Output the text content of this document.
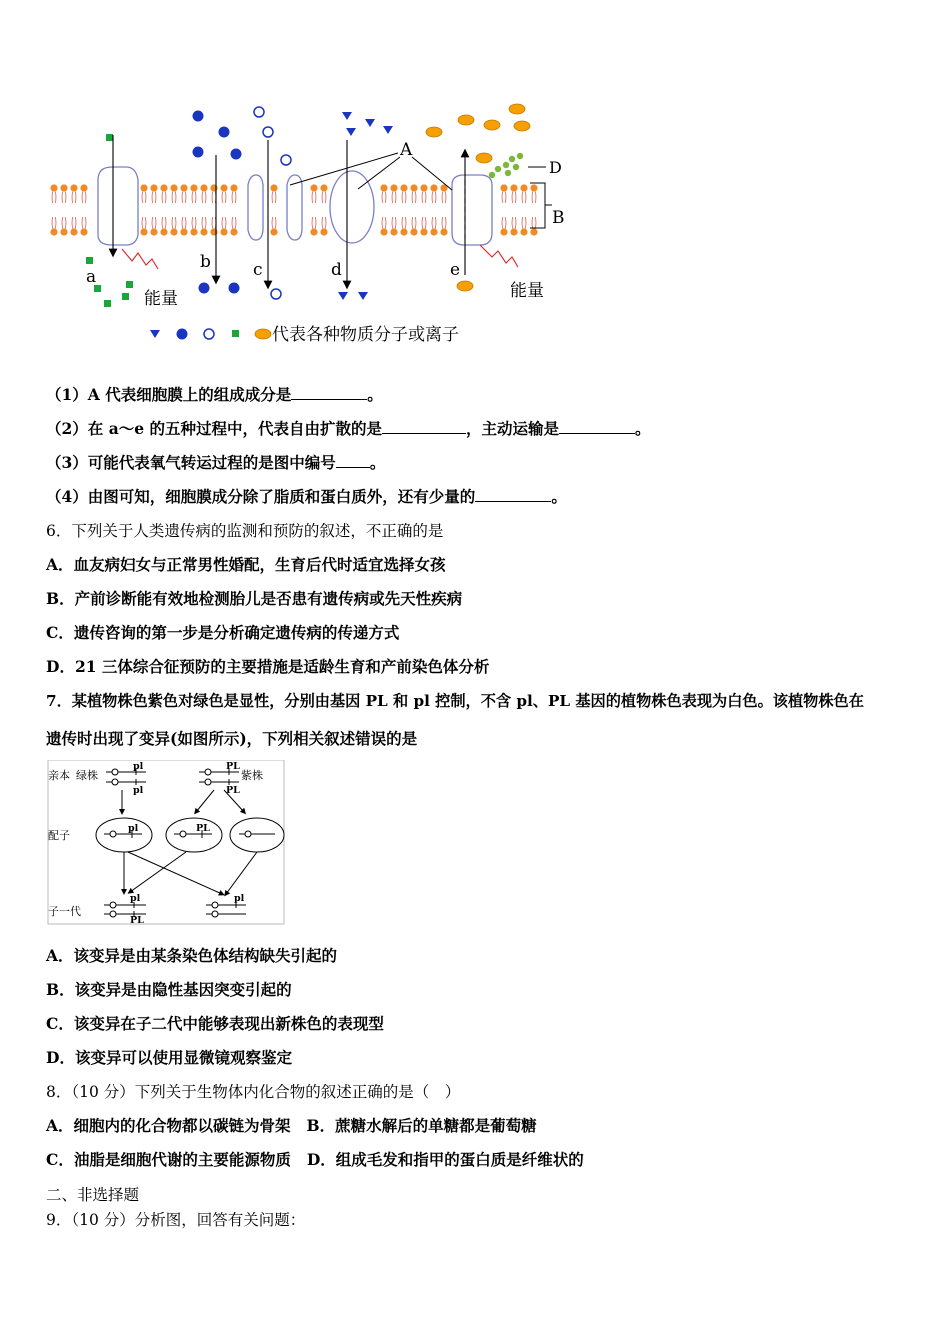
D
B
A
a
b c	d	e
能量	能量
代表各种物质分子或离子
（1）A 代表细胞膜上的组成成分是	。
（2）在 a～e 的五种过程中，代表自由扩散的是	，主动运输是	。
（3）可能代表氧气转运过程的是图中编号 。
（4）由图可知，细胞膜成分除了脂质和蛋白质外，还有少量的	。
6．下列关于人类遗传病的监测和预防的叙述，不正确的是
A．血友病妇女与正常男性婚配，生育后代时适宜选择女孩
B．产前诊断能有效地检测胎儿是否患有遗传病或先天性疾病
C．遗传咨询的第一步是分析确定遗传病的传递方式
D．21 三体综合征预防的主要措施是适龄生育和产前染色体分析
7．某植物株色紫色对绿色是显性，分别由基因 PL 和 pl 控制，不含 pl、PL 基因的植物株色表现为白色。该植物株色在
遗传时出现了变异(如图所示)，下列相关叙述错误的是
亲本 绿株	紫株
配子
子一代
pl
pl
PL
PL
pl	PL
pl
PL
pl
A．该变异是由某条染色体结构缺失引起的
B．该变异是由隐性基因突变引起的
C．该变异在子二代中能够表现出新株色的表现型
D．该变异可以使用显微镜观察鉴定
8．（10 分）下列关于生物体内化合物的叙述正确的是（　）
A．细胞内的化合物都以碳链为骨架 B．蔗糖水解后的单糖都是葡萄糖
C．油脂是细胞代谢的主要能源物质 D．组成毛发和指甲的蛋白质是纤维状的
二、非选择题
9．（10 分）分析图，回答有关问题：
